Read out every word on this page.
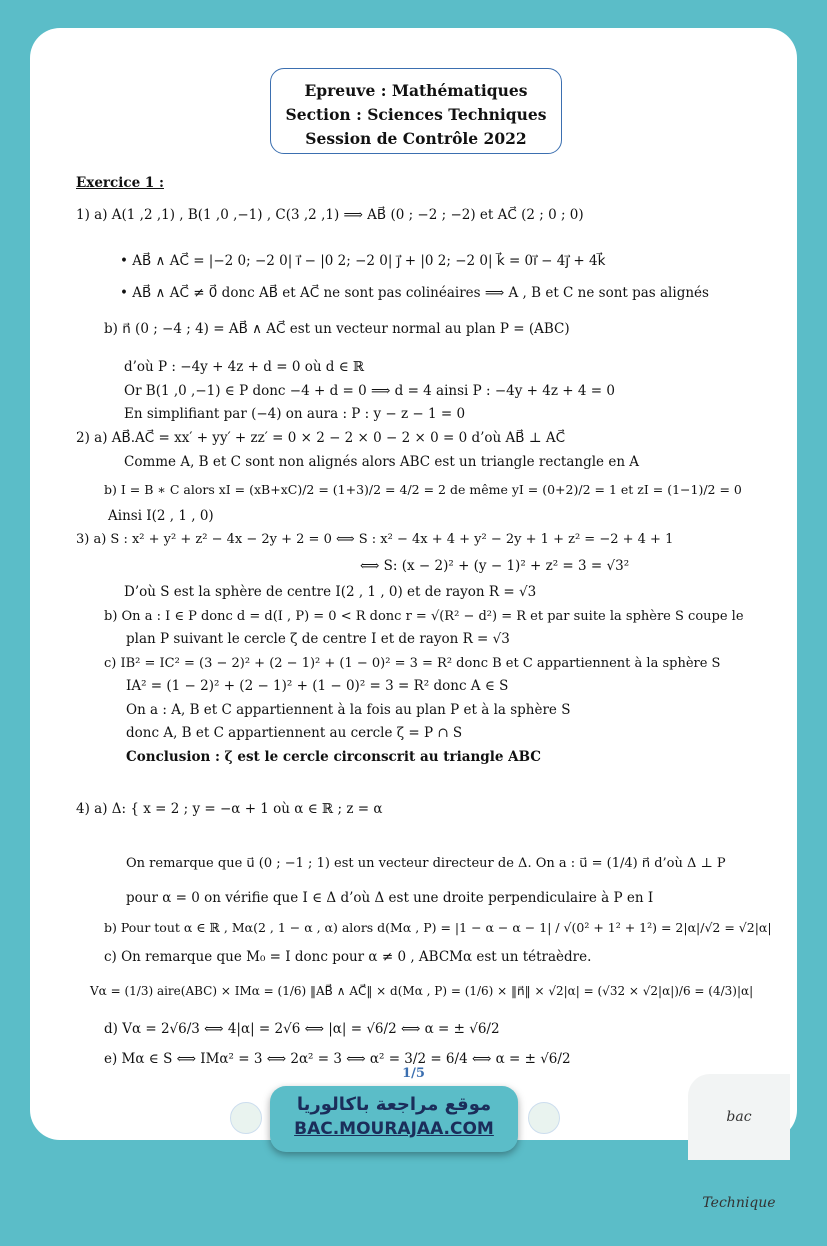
Epreuve : Mathématiques
Section : Sciences Techniques
Session de Contrôle 2022
Exercice 1 :
1) a) A(1 ,2 ,1) , B(1 ,0 ,−1) , C(3 ,2 ,1) ⟹ AB⃗ (0 ; −2 ; −2) et AC⃗ (2 ; 0 ; 0)
• AB⃗ ∧ AC⃗ = |−2 0; −2 0| i⃗ − |0 2; −2 0| j⃗ + |0 2; −2 0| k⃗ = 0i⃗ − 4j⃗ + 4k⃗
• AB⃗ ∧ AC⃗ ≠ 0⃗ donc AB⃗ et AC⃗ ne sont pas colinéaires ⟹ A , B et C ne sont pas alignés
b) n⃗ (0 ; −4 ; 4) = AB⃗ ∧ AC⃗ est un vecteur normal au plan P = (ABC)
d’où P : −4y + 4z + d = 0 où d ∈ ℝ
Or B(1 ,0 ,−1) ∈ P donc −4 + d = 0 ⟹ d = 4 ainsi P : −4y + 4z + 4 = 0
En simplifiant par (−4) on aura : P : y − z − 1 = 0
2) a) AB⃗.AC⃗ = xx′ + yy′ + zz′ = 0 × 2 − 2 × 0 − 2 × 0 = 0 d’où AB⃗ ⊥ AC⃗
Comme A, B et C sont non alignés alors ABC est un triangle rectangle en A
b) I = B ∗ C alors xI = (xB+xC)/2 = (1+3)/2 = 4/2 = 2 de même yI = (0+2)/2 = 1 et zI = (1−1)/2 = 0
Ainsi I(2 , 1 , 0)
3) a) S : x² + y² + z² − 4x − 2y + 2 = 0 ⟺ S : x² − 4x + 4 + y² − 2y + 1 + z² = −2 + 4 + 1
⟺ S: (x − 2)² + (y − 1)² + z² = 3 = √3²
D’où S est la sphère de centre I(2 , 1 , 0) et de rayon R = √3
b) On a : I ∈ P donc d = d(I , P) = 0 < R donc r = √(R² − d²) = R et par suite la sphère S coupe le
plan P suivant le cercle ζ de centre I et de rayon R = √3
c) IB² = IC² = (3 − 2)² + (2 − 1)² + (1 − 0)² = 3 = R² donc B et C appartiennent à la sphère S
IA² = (1 − 2)² + (2 − 1)² + (1 − 0)² = 3 = R² donc A ∈ S
On a : A, B et C appartiennent à la fois au plan P et à la sphère S
donc A, B et C appartiennent au cercle ζ = P ∩ S
Conclusion : ζ est le cercle circonscrit au triangle ABC
4) a) Δ: { x = 2 ; y = −α + 1 où α ∈ ℝ ; z = α
On remarque que u⃗ (0 ; −1 ; 1) est un vecteur directeur de Δ. On a : u⃗ = (1/4) n⃗ d’où Δ ⊥ P
pour α = 0 on vérifie que I ∈ Δ d’où Δ est une droite perpendiculaire à P en I
b) Pour tout α ∈ ℝ , Mα(2 , 1 − α , α) alors d(Mα , P) = |1 − α − α − 1| / √(0² + 1² + 1²) = 2|α|/√2 = √2|α|
c) On remarque que M₀ = I donc pour α ≠ 0 , ABCMα est un tétraèdre.
Vα = (1/3) aire(ABC) × IMα = (1/6) ‖AB⃗ ∧ AC⃗‖ × d(Mα , P) = (1/6) × ‖n⃗‖ × √2|α| = (√32 × √2|α|)/6 = (4/3)|α|
d) Vα = 2√6/3 ⟺ 4|α| = 2√6 ⟺ |α| = √6/2 ⟺ α = ± √6/2
e) Mα ∈ S ⟺ IMα² = 3 ⟺ 2α² = 3 ⟺ α² = 3/2 = 6/4 ⟺ α = ± √6/2
1/5
موقع مراجعة باكالوريا
BAC.MOURAJAA.COM
bac Technique
